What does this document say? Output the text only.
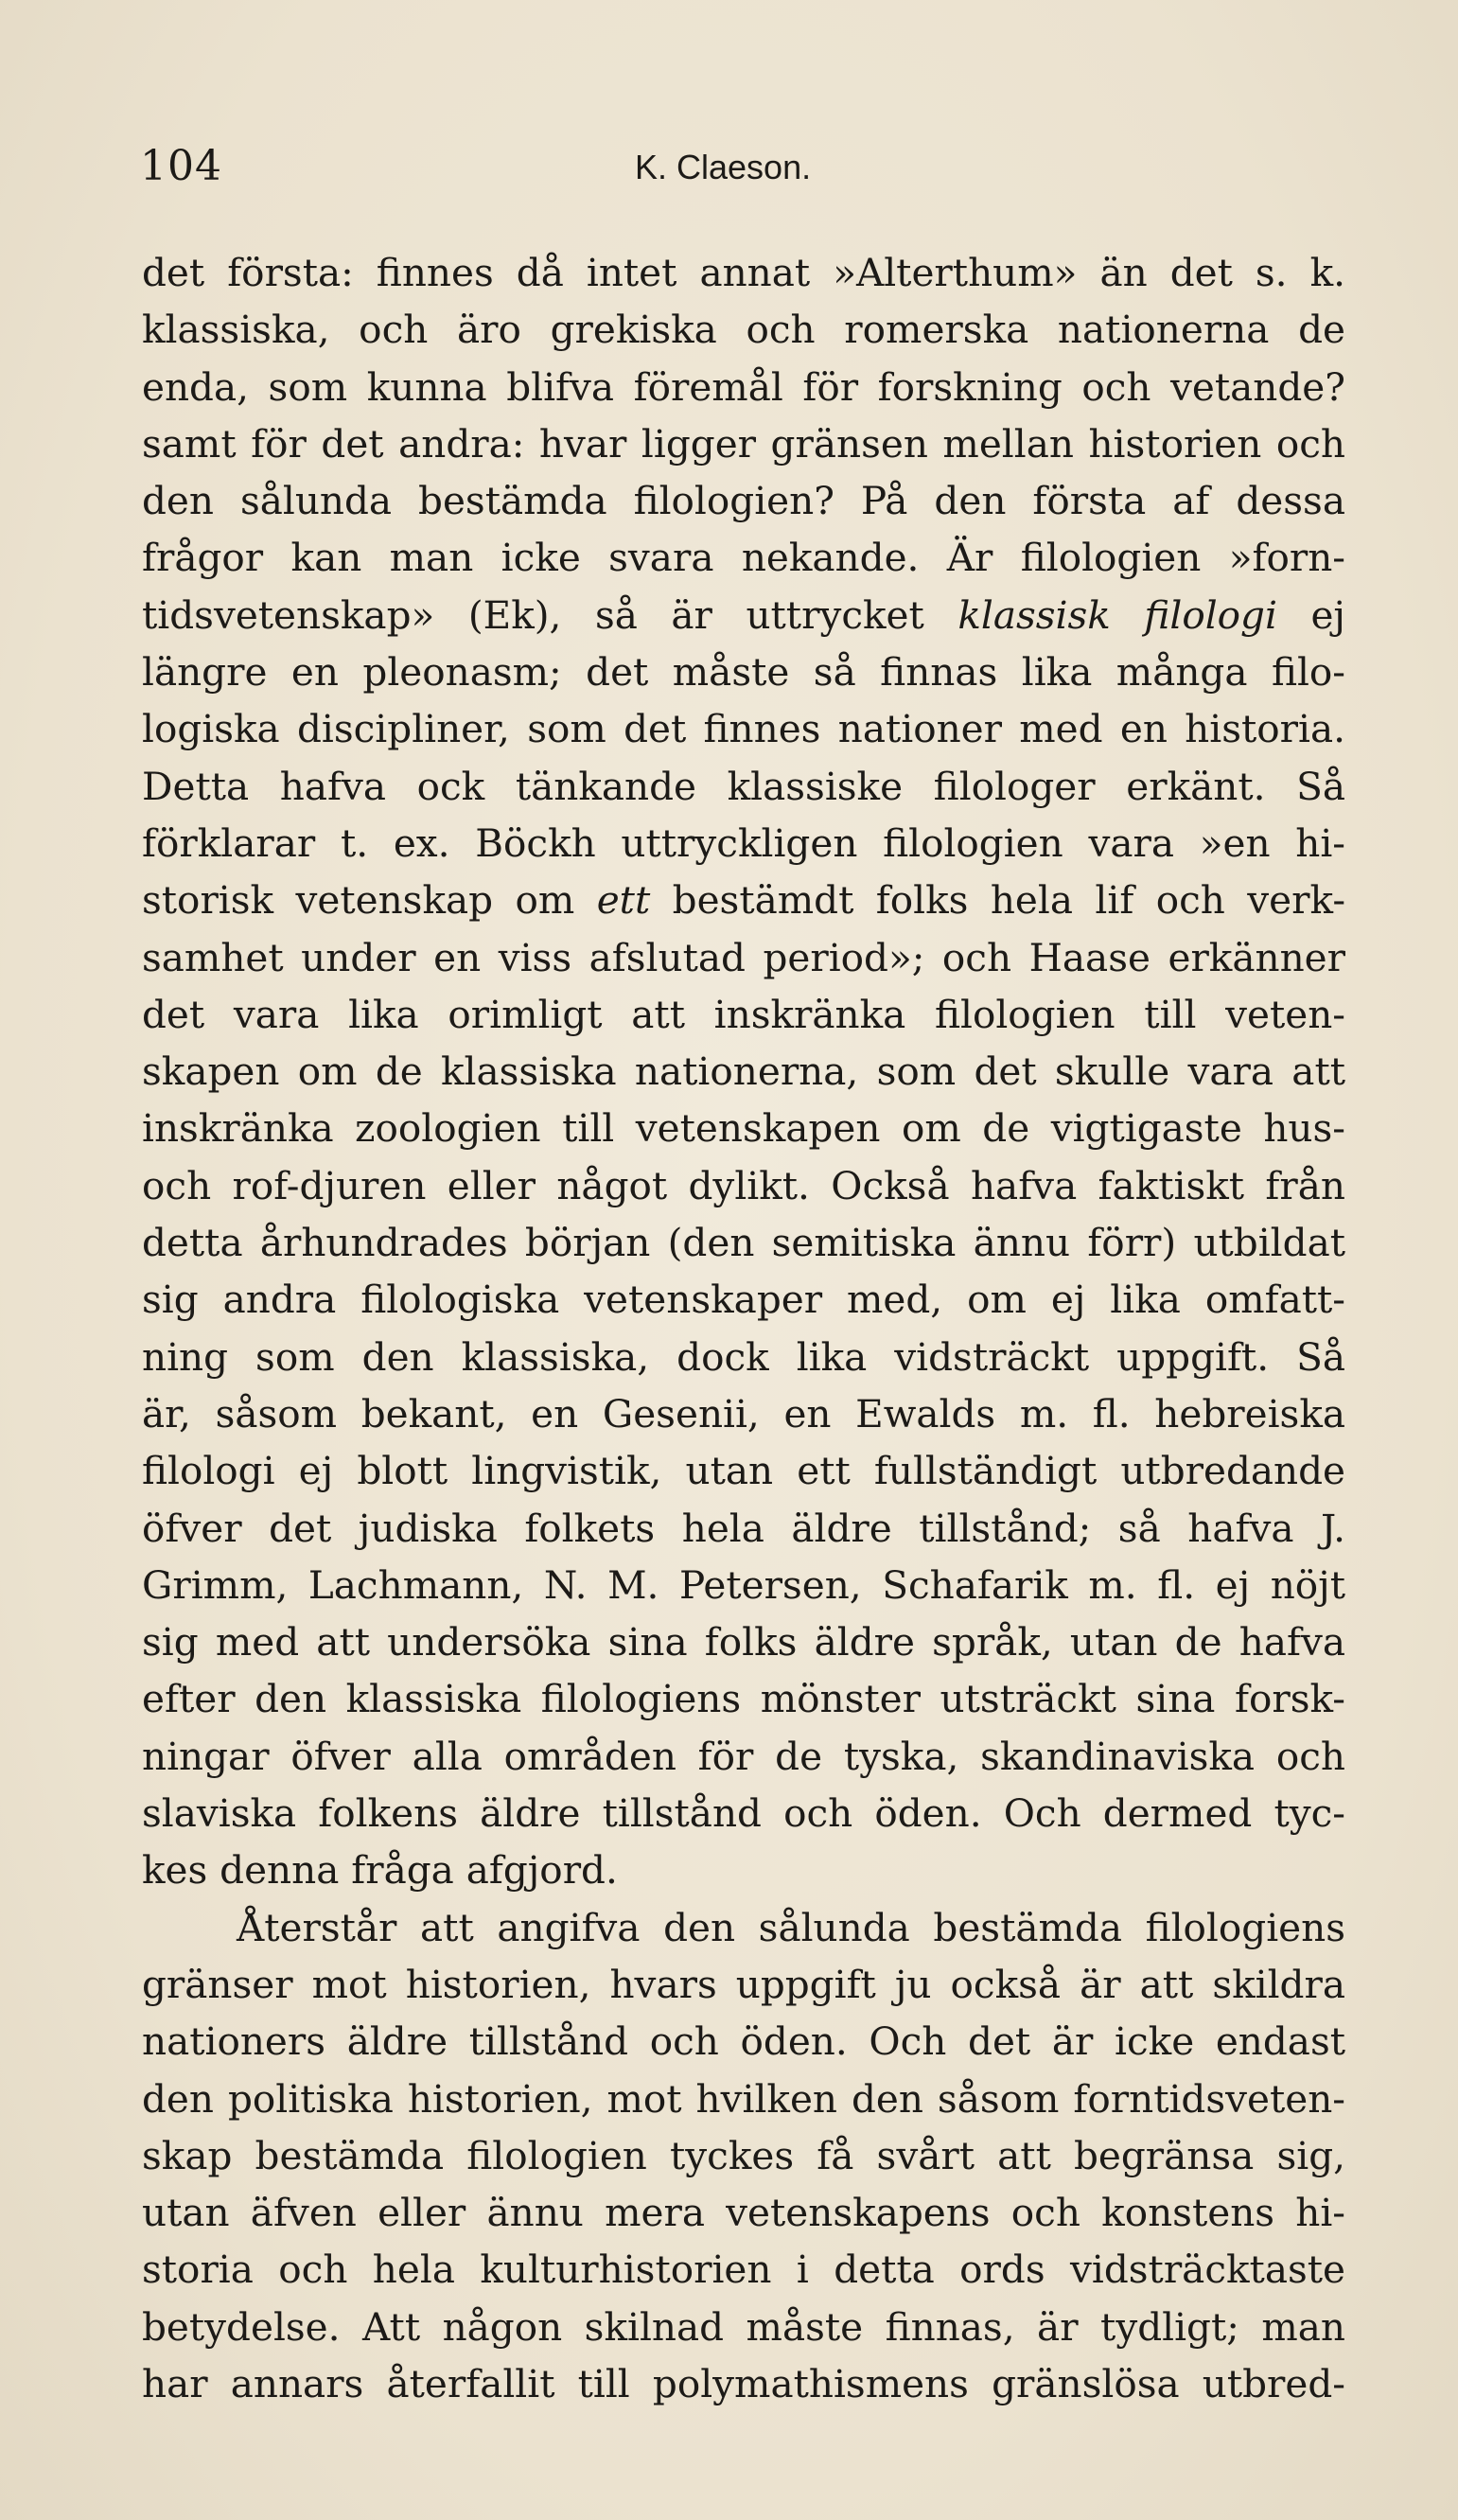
104	K. Claeson.
det första: finnes då intet annat »Alterthum» än det s. k.
klassiska, och äro grekiska och romerska nationerna de
enda, som kunna blifva föremål för forskning och vetande?
samt för det andra: hvar ligger gränsen mellan historien och
den sålunda bestämda filologien? På den första af dessa
frågor kan man icke svara nekande. Är filologien »forn-
tidsvetenskap» (Ek), så är uttrycket klassisk filologi ej
längre en pleonasm; det måste så finnas lika många filo-
logiska discipliner, som det finnes nationer med en historia.
Detta hafva ock tänkande klassiske filologer erkänt. Så
förklarar t. ex. Böckh uttryckligen filologien vara »en hi-
storisk vetenskap om ett bestämdt folks hela lif och verk-
samhet under en viss afslutad period»; och Haase erkänner
det vara lika orimligt att inskränka filologien till veten-
skapen om de klassiska nationerna, som det skulle vara att
inskränka zoologien till vetenskapen om de vigtigaste hus-
och rof-djuren eller något dylikt. Också hafva faktiskt från
detta århundrades början (den semitiska ännu förr) utbildat
sig andra filologiska vetenskaper med, om ej lika omfatt-
ning som den klassiska, dock lika vidsträckt uppgift. Så
är, såsom bekant, en Gesenii, en Ewalds m. fl. hebreiska
filologi ej blott lingvistik, utan ett fullständigt utbredande
öfver det judiska folkets hela äldre tillstånd; så hafva J.
Grimm, Lachmann, N. M. Petersen, Schafarik m. fl. ej nöjt
sig med att undersöka sina folks äldre språk, utan de hafva
efter den klassiska filologiens mönster utsträckt sina forsk-
ningar öfver alla områden för de tyska, skandinaviska och
slaviska folkens äldre tillstånd och öden. Och dermed tyc-
kes denna fråga afgjord.
Återstår att angifva den sålunda bestämda filologiens
gränser mot historien, hvars uppgift ju också är att skildra
nationers äldre tillstånd och öden. Och det är icke endast
den politiska historien, mot hvilken den såsom forntidsveten-
skap bestämda filologien tyckes få svårt att begränsa sig,
utan äfven eller ännu mera vetenskapens och konstens hi-
storia och hela kulturhistorien i detta ords vidsträcktaste
betydelse. Att någon skilnad måste finnas, är tydligt; man
har annars återfallit till polymathismens gränslösa utbred-
